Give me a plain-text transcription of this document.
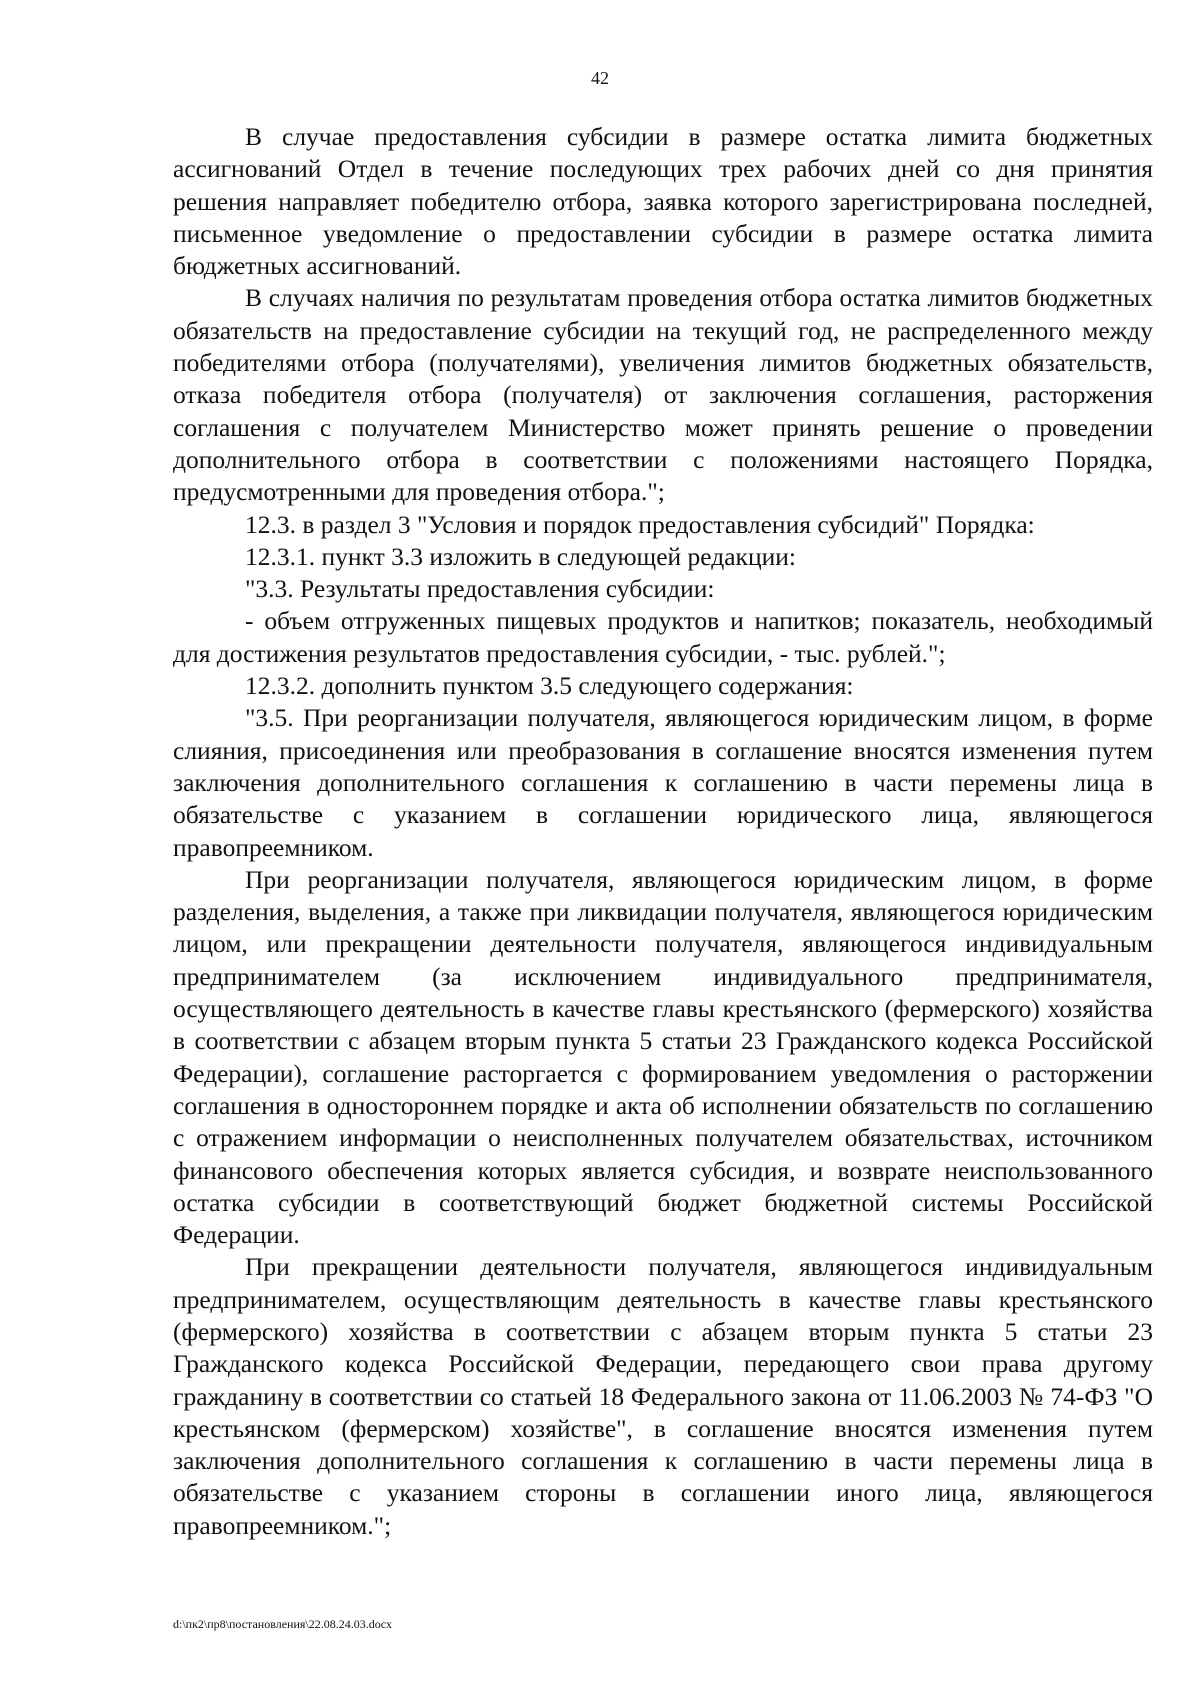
42

В случае предоставления субсидии в размере остатка лимита бюджетных ассигнований Отдел в течение последующих трех рабочих дней со дня принятия решения направляет победителю отбора, заявка которого зарегистрирована последней, письменное уведомление о предоставлении субсидии в размере остатка лимита бюджетных ассигнований.

В случаях наличия по результатам проведения отбора остатка лимитов бюджетных обязательств на предоставление субсидии на текущий год, не распределенного между победителями отбора (получателями), увеличения лимитов бюджетных обязательств, отказа победителя отбора (получателя) от заключения соглашения, расторжения соглашения с получателем Министерство может принять решение о проведении дополнительного отбора в соответствии с положениями настоящего Порядка, предусмотренными для проведения отбора.";

12.3. в раздел 3 "Условия и порядок предоставления субсидий" Порядка:

12.3.1. пункт 3.3 изложить в следующей редакции:

"3.3. Результаты предоставления субсидии:

- объем отгруженных пищевых продуктов и напитков; показатель, необходимый для достижения результатов предоставления субсидии, - тыс. рублей.";

12.3.2. дополнить пунктом 3.5 следующего содержания:

"3.5. При реорганизации получателя, являющегося юридическим лицом, в форме слияния, присоединения или преобразования в соглашение вносятся изменения путем заключения дополнительного соглашения к соглашению в части перемены лица в обязательстве с указанием в соглашении юридического лица, являющегося правопреемником.

При реорганизации получателя, являющегося юридическим лицом, в форме разделения, выделения, а также при ликвидации получателя, являющегося юридическим лицом, или прекращении деятельности получателя, являющегося индивидуальным предпринимателем (за исключением индивидуального предпринимателя, осуществляющего деятельность в качестве главы крестьянского (фермерского) хозяйства в соответствии с абзацем вторым пункта 5 статьи 23 Гражданского кодекса Российской Федерации), соглашение расторгается с формированием уведомления о расторжении соглашения в одностороннем порядке и акта об исполнении обязательств по соглашению с отражением информации о неисполненных получателем обязательствах, источником финансового обеспечения которых является субсидия, и возврате неиспользованного остатка субсидии в соответствующий бюджет бюджетной системы Российской Федерации.

При прекращении деятельности получателя, являющегося индивидуальным предпринимателем, осуществляющим деятельность в качестве главы крестьянского (фермерского) хозяйства в соответствии с абзацем вторым пункта 5 статьи 23 Гражданского кодекса Российской Федерации, передающего свои права другому гражданину в соответствии со статьей 18 Федерального закона от 11.06.2003 № 74-ФЗ "О крестьянском (фермерском) хозяйстве", в соглашение вносятся изменения путем заключения дополнительного соглашения к соглашению в части перемены лица в обязательстве с указанием стороны в соглашении иного лица, являющегося правопреемником.";

d:\пк2\пр8\постановления\22.08.24.03.docx
